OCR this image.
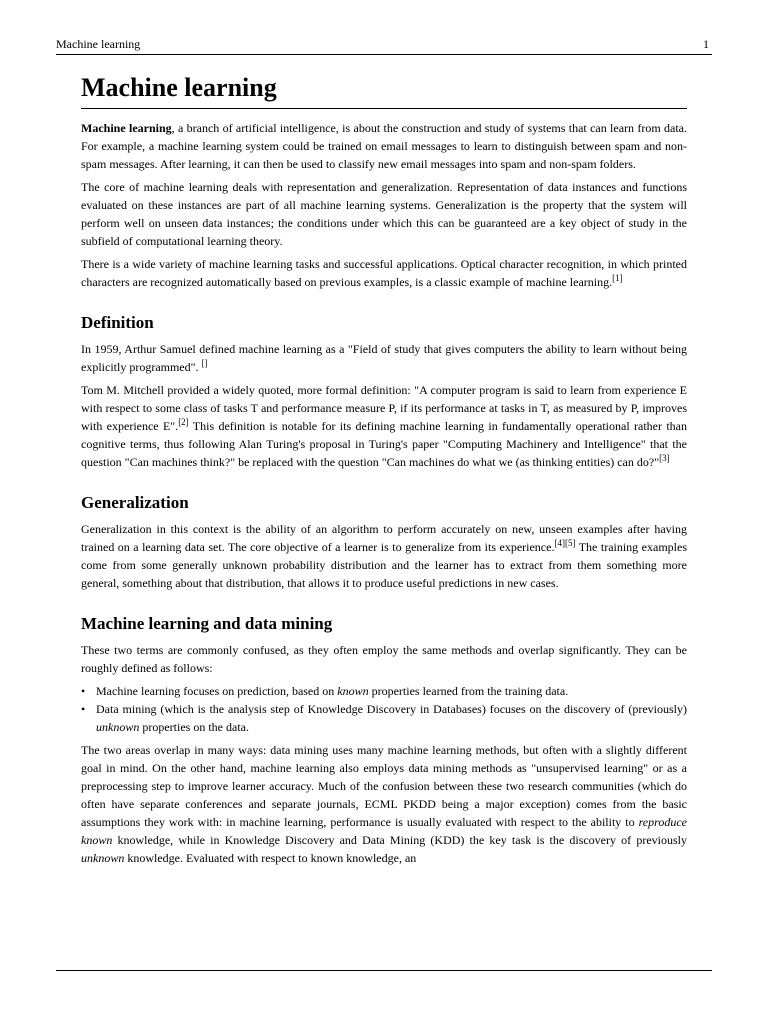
Machine learning	1
Machine learning

Machine learning, a branch of artificial intelligence, is about the construction and study of systems that can learn from data. For example, a machine learning system could be trained on email messages to learn to distinguish between spam and non-spam messages. After learning, it can then be used to classify new email messages into spam and non-spam folders.

The core of machine learning deals with representation and generalization. Representation of data instances and functions evaluated on these instances are part of all machine learning systems. Generalization is the property that the system will perform well on unseen data instances; the conditions under which this can be guaranteed are a key object of study in the subfield of computational learning theory.

There is a wide variety of machine learning tasks and successful applications. Optical character recognition, in which printed characters are recognized automatically based on previous examples, is a classic example of machine learning.[1]

Definition

In 1959, Arthur Samuel defined machine learning as a "Field of study that gives computers the ability to learn without being explicitly programmed". []

Tom M. Mitchell provided a widely quoted, more formal definition: "A computer program is said to learn from experience E with respect to some class of tasks T and performance measure P, if its performance at tasks in T, as measured by P, improves with experience E".[2] This definition is notable for its defining machine learning in fundamentally operational rather than cognitive terms, thus following Alan Turing's proposal in Turing's paper "Computing Machinery and Intelligence" that the question "Can machines think?" be replaced with the question "Can machines do what we (as thinking entities) can do?"[3]

Generalization

Generalization in this context is the ability of an algorithm to perform accurately on new, unseen examples after having trained on a learning data set. The core objective of a learner is to generalize from its experience.[4][5] The training examples come from some generally unknown probability distribution and the learner has to extract from them something more general, something about that distribution, that allows it to produce useful predictions in new cases.

Machine learning and data mining

These two terms are commonly confused, as they often employ the same methods and overlap significantly. They can be roughly defined as follows:

• Machine learning focuses on prediction, based on known properties learned from the training data.
• Data mining (which is the analysis step of Knowledge Discovery in Databases) focuses on the discovery of (previously) unknown properties on the data.

The two areas overlap in many ways: data mining uses many machine learning methods, but often with a slightly different goal in mind. On the other hand, machine learning also employs data mining methods as "unsupervised learning" or as a preprocessing step to improve learner accuracy. Much of the confusion between these two research communities (which do often have separate conferences and separate journals, ECML PKDD being a major exception) comes from the basic assumptions they work with: in machine learning, performance is usually evaluated with respect to the ability to reproduce known knowledge, while in Knowledge Discovery and Data Mining (KDD) the key task is the discovery of previously unknown knowledge. Evaluated with respect to known knowledge, an
